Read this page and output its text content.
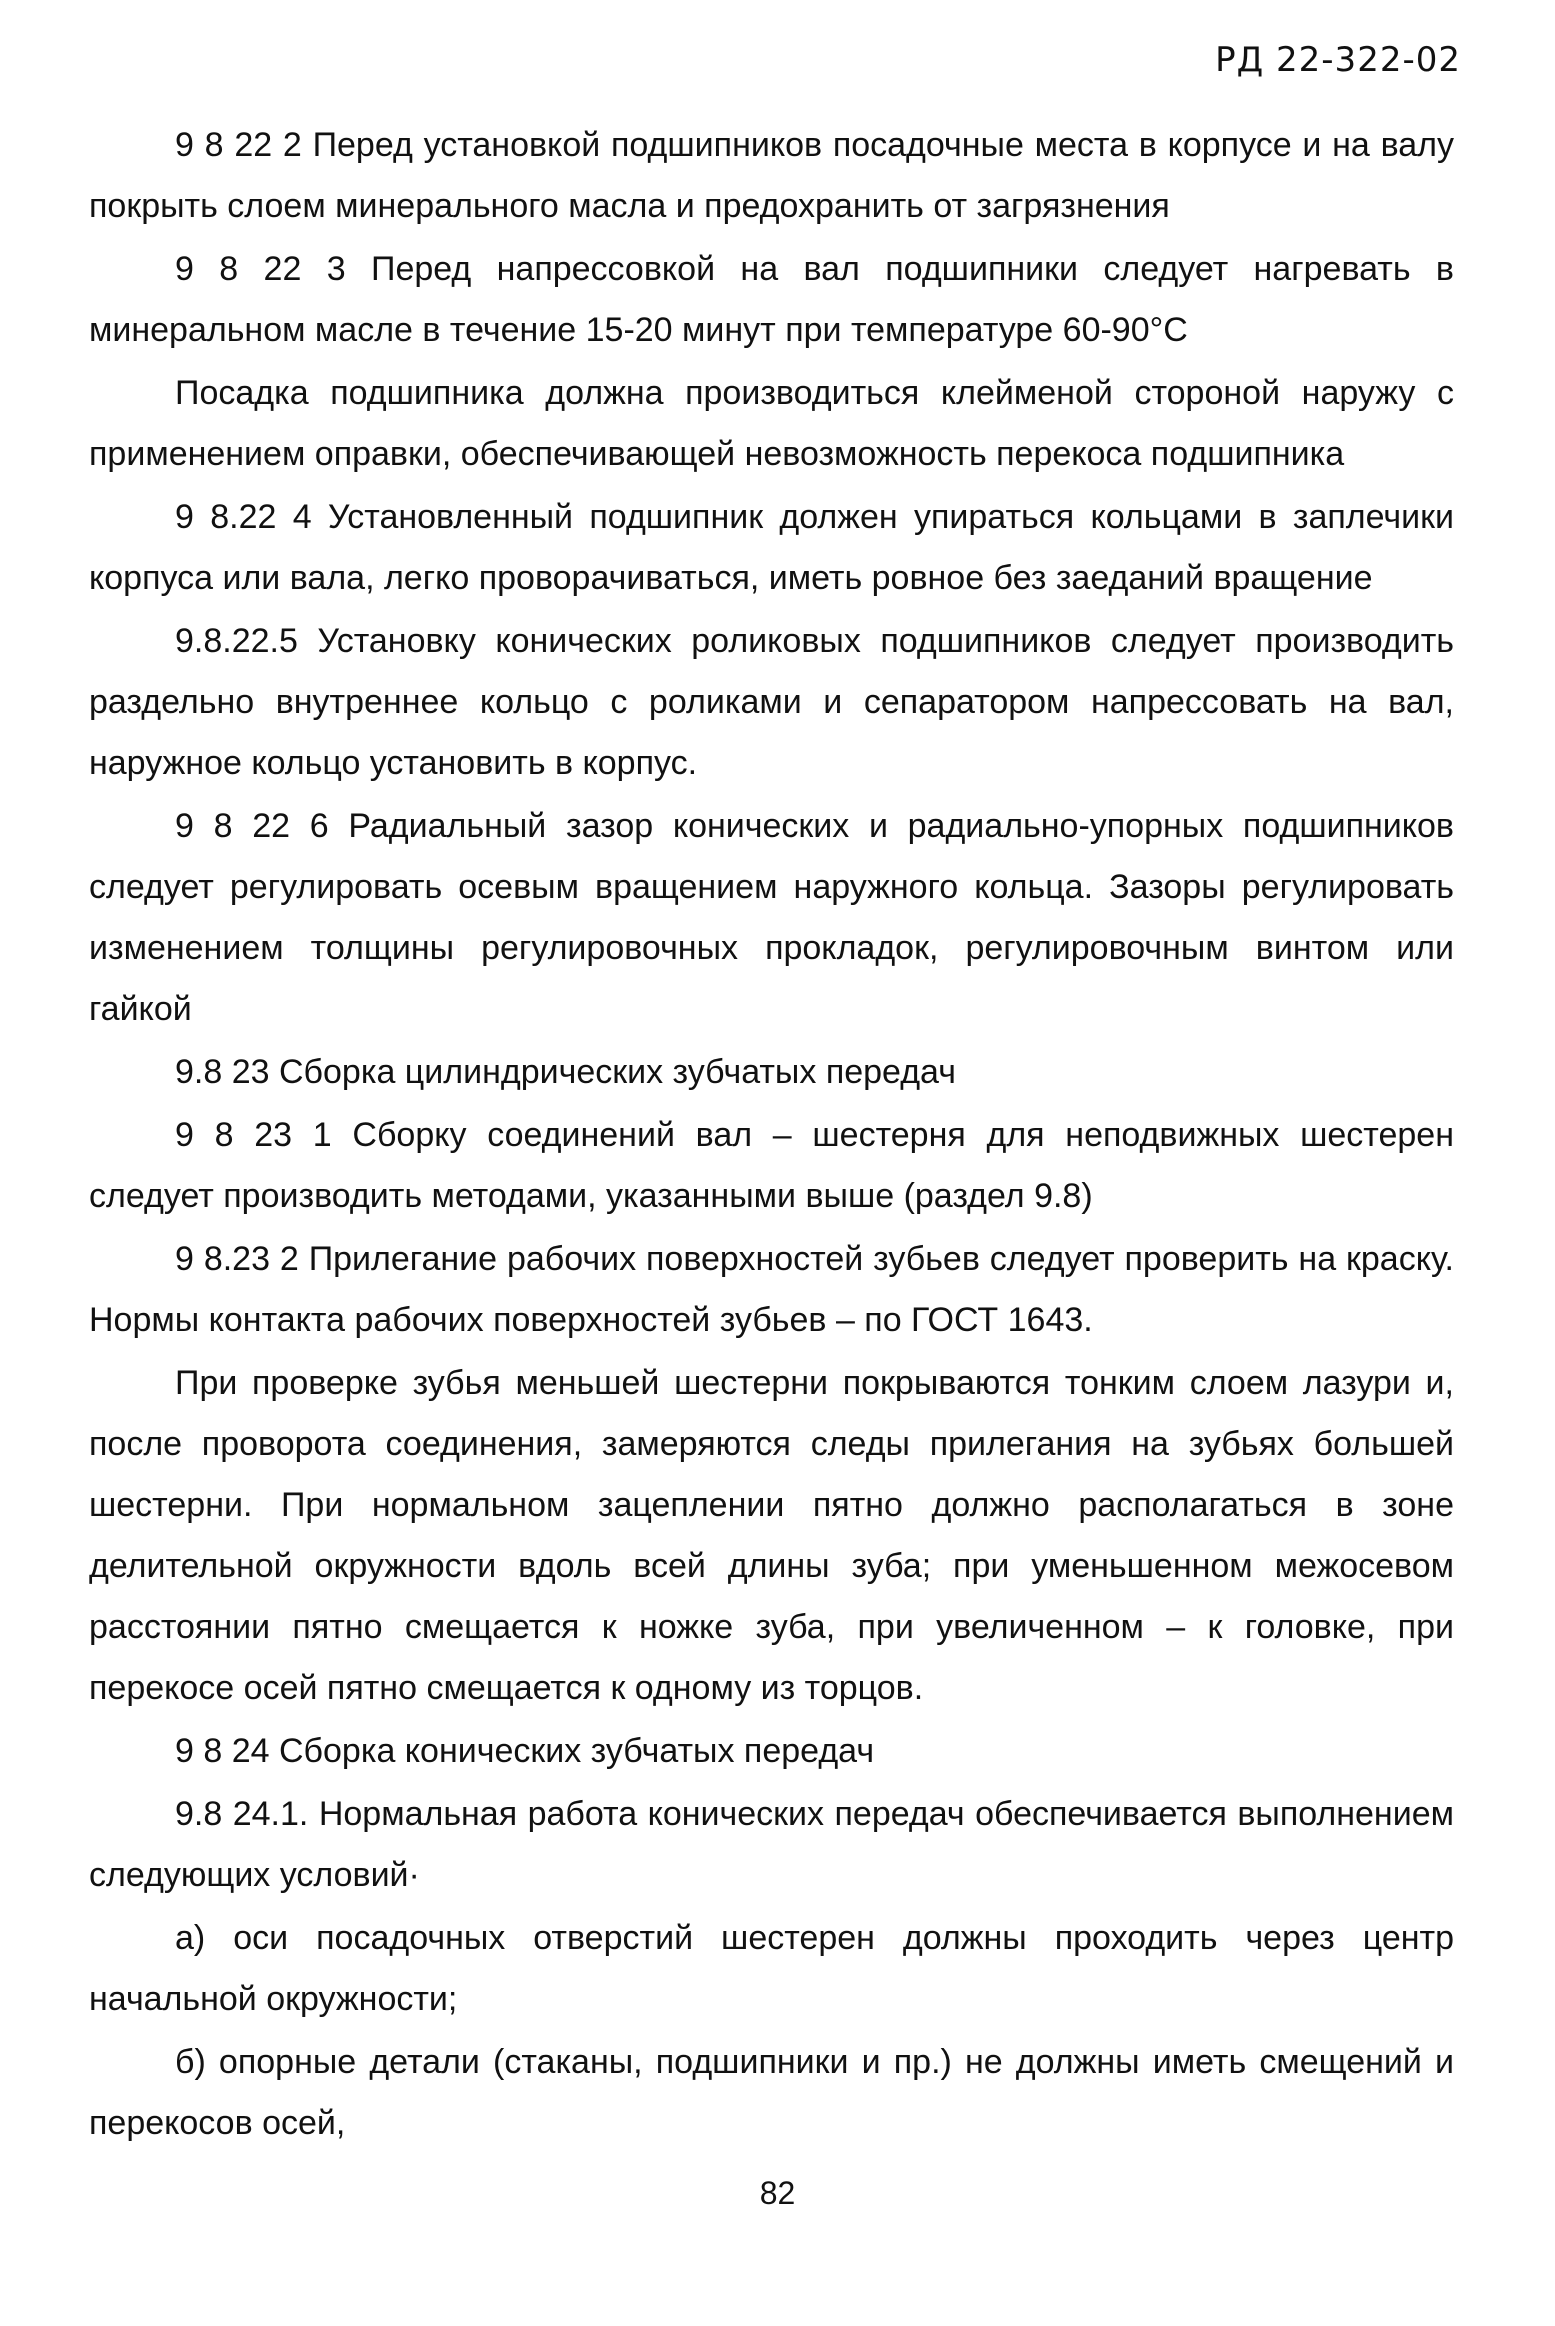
РД 22-322-02

9 8 22 2 Перед установкой подшипников посадочные места в корпусе и на валу покрыть слоем минерального масла и предохранить от загрязнения

9 8 22 3 Перед напрессовкой на вал подшипники следует нагревать в минеральном масле в течение 15-20 минут при температуре 60-90°С

Посадка подшипника должна производиться клейменой стороной наружу с применением оправки, обеспечивающей невозможность перекоса подшипника

9 8.22 4 Установленный подшипник должен упираться кольцами в заплечики корпуса или вала, легко проворачиваться, иметь ровное без заеданий вращение

9.8.22.5 Установку конических роликовых подшипников следует производить раздельно внутреннее кольцо с роликами и сепаратором напрессовать на вал, наружное кольцо установить в корпус.

9 8 22 6 Радиальный зазор конических и радиально-упорных подшипников следует регулировать осевым вращением наружного кольца. Зазоры регулировать изменением толщины регулировочных прокладок, регулировочным винтом или гайкой

9.8 23 Сборка цилиндрических зубчатых передач

9 8 23 1 Сборку соединений вал – шестерня для неподвижных шестерен следует производить методами, указанными выше (раздел 9.8)

9 8.23 2 Прилегание рабочих поверхностей зубьев следует проверить на краску. Нормы контакта рабочих поверхностей зубьев – по ГОСТ 1643.

При проверке зубья меньшей шестерни покрываются тонким слоем лазури и, после проворота соединения, замеряются следы прилегания на зубьях большей шестерни. При нормальном зацеплении пятно должно располагаться в зоне делительной окружности вдоль всей длины зуба; при уменьшенном межосевом расстоянии пятно смещается к ножке зуба, при увеличенном – к головке, при перекосе осей пятно смещается к одному из торцов.

9 8 24 Сборка конических зубчатых передач

9.8 24.1. Нормальная работа конических передач обеспечивается выполнением следующих условий·

а) оси посадочных отверстий шестерен должны проходить через центр начальной окружности;

б) опорные детали (стаканы, подшипники и пр.) не должны иметь смещений и перекосов осей,

82
